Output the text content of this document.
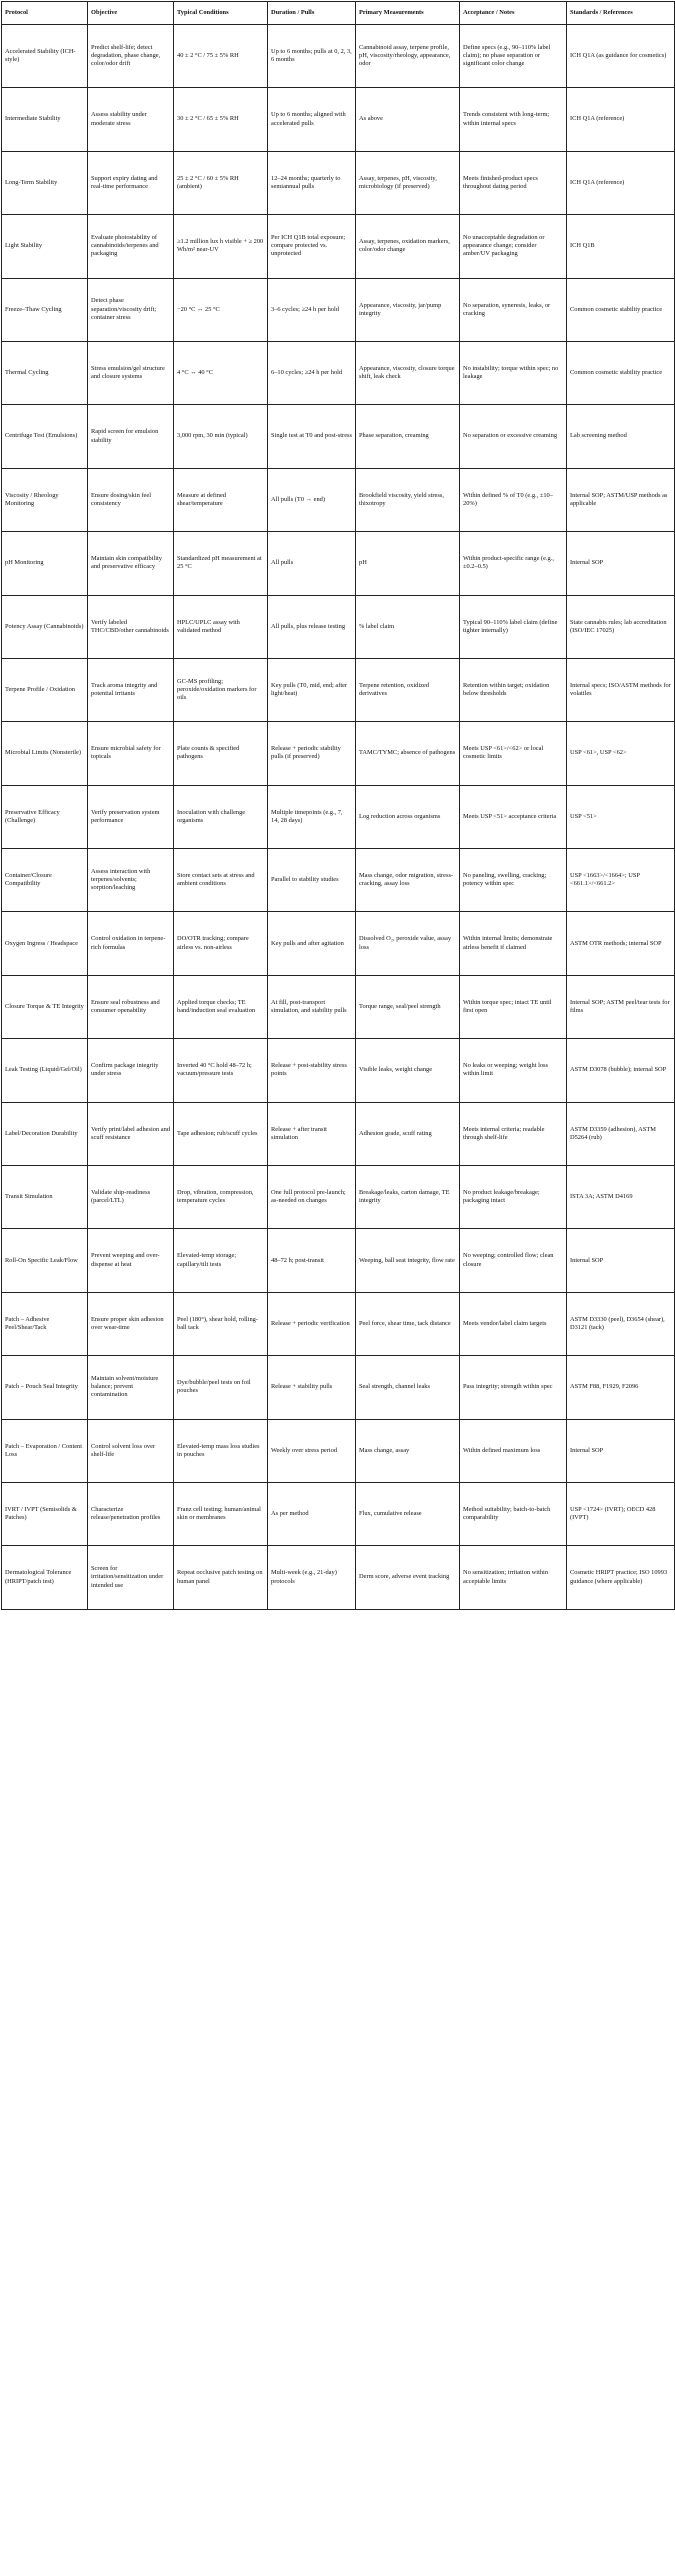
Protocol	Objective	Typical Conditions	Duration / Pulls	Primary Measurements	Acceptance / Notes	Standards / References
Accelerated Stability (ICH-style)	Predict shelf-life; detect degradation, phase change, color/odor drift	40 ± 2 °C / 75 ± 5% RH	Up to 6 months; pulls at 0, 2, 3, 6 months	Cannabinoid assay, terpene profile, pH, viscosity/rheology, appearance, odor	Define specs (e.g., 90–110% label claim); no phase separation or significant color change	ICH Q1A (as guidance for cosmetics)
Intermediate Stability	Assess stability under moderate stress	30 ± 2 °C / 65 ± 5% RH	Up to 6 months; aligned with accelerated pulls	As above	Trends consistent with long-term; within internal specs	ICH Q1A (reference)
Long-Term Stability	Support expiry dating and real-time performance	25 ± 2 °C / 60 ± 5% RH (ambient)	12–24 months; quarterly to semiannual pulls	Assay, terpenes, pH, viscosity, microbiology (if preserved)	Meets finished-product specs throughout dating period	ICH Q1A (reference)
Light Stability	Evaluate photostability of cannabinoids/terpenes and packaging	≥1.2 million lux h visible + ≥ 200 Wh/m² near-UV	Per ICH Q1B total exposure; compare protected vs. unprotected	Assay, terpenes, oxidation markers, color/odor change	No unacceptable degradation or appearance change; consider amber/UV packaging	ICH Q1B
Freeze–Thaw Cycling	Detect phase separation/viscosity drift; container stress	−20 °C ↔ 25 °C	3–6 cycles; ≥24 h per hold	Appearance, viscosity, jar/pump integrity	No separation, syneresis, leaks, or cracking	Common cosmetic stability practice
Thermal Cycling	Stress emulsion/gel structure and closure systems	4 °C ↔ 40 °C	6–10 cycles; ≥24 h per hold	Appearance, viscosity, closure torque shift, leak check	No instability; torque within spec; no leakage	Common cosmetic stability practice
Centrifuge Test (Emulsions)	Rapid screen for emulsion stability	3,000 rpm, 30 min (typical)	Single test at T0 and post-stress	Phase separation, creaming	No separation or excessive creaming	Lab screening method
Viscosity / Rheology Monitoring	Ensure dosing/skin feel consistency	Measure at defined shear/temperature	All pulls (T0 → end)	Brookfield viscosity, yield stress, thixotropy	Within defined % of T0 (e.g., ±10–20%)	Internal SOP; ASTM/USP methods as applicable
pH Monitoring	Maintain skin compatibility and preservative efficacy	Standardized pH measurement at 25 °C	All pulls	pH	Within product-specific range (e.g., ±0.2–0.5)	Internal SOP
Potency Assay (Cannabinoids)	Verify labeled THC/CBD/other cannabinoids	HPLC/UPLC assay with validated method	All pulls, plus release testing	% label claim	Typical 90–110% label claim (define tighter internally)	State cannabis rules; lab accreditation (ISO/IEC 17025)
Terpene Profile / Oxidation	Track aroma integrity and potential irritants	GC-MS profiling; peroxide/oxidation markers for oils	Key pulls (T0, mid, end; after light/heat)	Terpene retention, oxidized derivatives	Retention within target; oxidation below thresholds	Internal specs; ISO/ASTM methods for volatiles
Microbial Limits (Nonsterile)	Ensure microbial safety for topicals	Plate counts & specified pathogens	Release + periodic stability pulls (if preserved)	TAMC/TYMC; absence of pathogens	Meets USP <61>/<62> or local cosmetic limits	USP <61>, USP <62>
Preservative Efficacy (Challenge)	Verify preservation system performance	Inoculation with challenge organisms	Multiple timepoints (e.g., 7, 14, 28 days)	Log reduction across organisms	Meets USP <51> acceptance criteria	USP <51>
Container/Closure Compatibility	Assess interaction with terpenes/solvents; sorption/leaching	Store contact sets at stress and ambient conditions	Parallel to stability studies	Mass change, odor migration, stress-cracking, assay loss	No paneling, swelling, cracking; potency within spec	USP <1663>/<1664>; USP <661.1>/<661.2>
Oxygen Ingress / Headspace	Control oxidation in terpene-rich formulas	DO/OTR tracking; compare airless vs. non-airless	Key pulls and after agitation	Dissolved O₂, peroxide value, assay loss	Within internal limits; demonstrate airless benefit if claimed	ASTM OTR methods; internal SOP
Closure Torque & TE Integrity	Ensure seal robustness and consumer openability	Applied torque checks; TE band/induction seal evaluation	At fill, post-transport simulation, and stability pulls	Torque range, seal/peel strength	Within torque spec; intact TE until first open	Internal SOP; ASTM peel/tear tests for films
Leak Testing (Liquid/Gel/Oil)	Confirm package integrity under stress	Inverted 40 °C hold 48–72 h; vacuum/pressure tests	Release + post-stability stress points	Visible leaks, weight change	No leaks or weeping; weight loss within limit	ASTM D3078 (bubble); internal SOP
Label/Decoration Durability	Verify print/label adhesion and scuff resistance	Tape adhesion; rub/scuff cycles	Release + after transit simulation	Adhesion grade, scuff rating	Meets internal criteria; readable through shelf-life	ASTM D3359 (adhesion), ASTM D5264 (rub)
Transit Simulation	Validate ship-readiness (parcel/LTL)	Drop, vibration, compression, temperature cycles	One full protocol pre-launch; as-needed on changes	Breakage/leaks, carton damage, TE integrity	No product leakage/breakage; packaging intact	ISTA 3A; ASTM D4169
Roll-On Specific Leak/Flow	Prevent weeping and over-dispense at heat	Elevated-temp storage; capillary/tilt tests	48–72 h; post-transit	Weeping, ball seat integrity, flow rate	No weeping; controlled flow; clean closure	Internal SOP
Patch – Adhesive Peel/Shear/Tack	Ensure proper skin adhesion over wear-time	Peel (180°), shear hold, rolling-ball tack	Release + periodic verification	Peel force, shear time, tack distance	Meets vendor/label claim targets	ASTM D3330 (peel), D3654 (shear), D3121 (tack)
Patch – Pouch Seal Integrity	Maintain solvent/moisture balance; prevent contamination	Dye/bubble/peel tests on foil pouches	Release + stability pulls	Seal strength, channel leaks	Pass integrity; strength within spec	ASTM F88, F1929, F2096
Patch – Evaporation / Content Loss	Control solvent loss over shelf-life	Elevated-temp mass loss studies in pouches	Weekly over stress period	Mass change, assay	Within defined maximum loss	Internal SOP
IVRT / IVPT (Semisolids & Patches)	Characterize release/penetration profiles	Franz cell testing; human/animal skin or membranes	As per method	Flux, cumulative release	Method suitability; batch-to-batch comparability	USP <1724> (IVRT); OECD 428 (IVPT)
Dermatological Tolerance (HRIPT/patch test)	Screen for irritation/sensitization under intended use	Repeat occlusive patch testing on human panel	Multi-week (e.g., 21-day) protocols	Derm score, adverse event tracking	No sensitization; irritation within acceptable limits	Cosmetic HRIPT practice; ISO 10993 guidance (where applicable)
